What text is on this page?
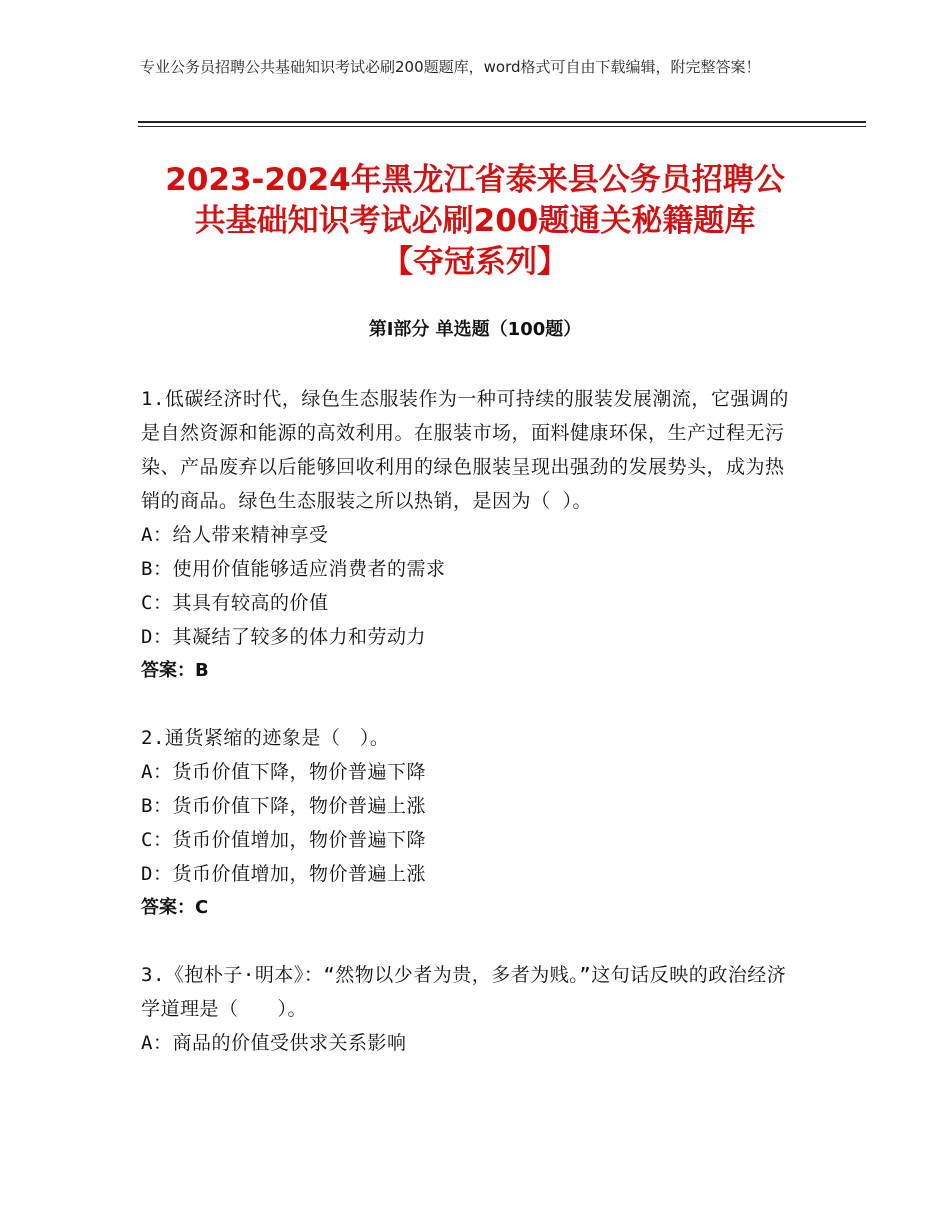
专业公务员招聘公共基础知识考试必刷200题题库，word格式可自由下载编辑，附完整答案！
2023-2024年黑龙江省泰来县公务员招聘公
共基础知识考试必刷200题通关秘籍题库
【夺冠系列】
第Ⅰ部分 单选题（100题）

1.低碳经济时代，绿色生态服装作为一种可持续的服装发展潮流，它强调的是自然资源和能源的高效利用。在服装市场，面料健康环保，生产过程无污染、产品废弃以后能够回收利用的绿色服装呈现出强劲的发展势头，成为热销的商品。绿色生态服装之所以热销，是因为（ ）。

A：给人带来精神享受

B：使用价值能够适应消费者的需求

C：其具有较高的价值

D：其凝结了较多的体力和劳动力

答案：B

2.通货紧缩的迹象是（　）。

A：货币价值下降，物价普遍下降

B：货币价值下降，物价普遍上涨

C：货币价值增加，物价普遍下降

D：货币价值增加，物价普遍上涨

答案：C

3.《抱朴子·明本》：“然物以少者为贵，多者为贱。”这句话反映的政治经济学道理是（　　）。

A：商品的价值受供求关系影响
